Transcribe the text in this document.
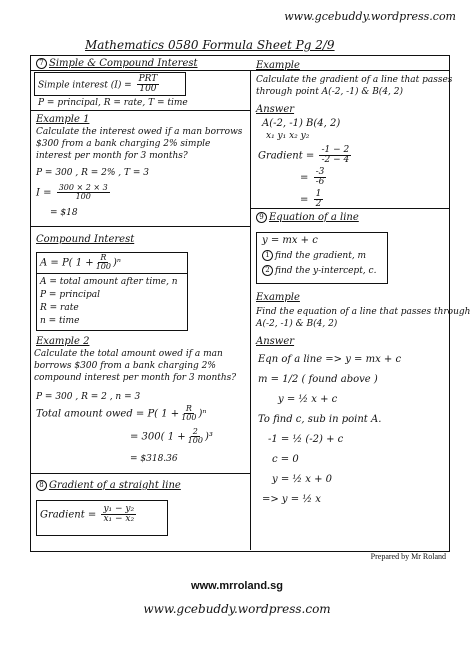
www.gcebuddy.wordpress.com
Mathematics 0580 Formula Sheet Pg 2/9
7 Simple & Compound Interest
Simple interest $(I) = \frac{\text{PRT}}{100}$
P = principal, R = rate, T = time
Example 1
Calculate the interest owed if a man borrows
$300 from a bank charging 2% simple
interest per month for 3 months?
P = 300 , R = 2% , T = 3
$I = \frac{300 \times 2 \times 3}{100}$
= $18
Compound Interest
A = P( $1 + \frac{R}{100} )^n$
A = total amount after time, n
P = principal
R = rate
n = time
Example 2
Calculate the total amount owed if a man
borrows $300 from a bank charging 2%
compound interest per month for 3 months?
P = 300 , R = 2 , n = 3
Total amount owed = P( $1 + \frac{R}{100} )^n$
= 300( $1 + \frac{2}{100} )^3$
= $318.36
8 Gradient of a straight line
Gradient = $\frac{\text{y₁ − y₂}}{\text{x₁ − x₂}}$
Example
Calculate the gradient of a line that passes
through point A(-2, -1) & B(4, 2)
Answer
A(-2, -1) B(4, 2)
x₁ y₁ x₂ y₂
Gradient = $\frac{-1 - 2}{-2 - 4}$
= $\frac{-3}{-6}$
= $\frac{1}{2}$
9 Equation of a line
y = mx + c
1 find the gradient, m
2 find the y-intercept, c.
Example
Find the equation of a line that passes through
A(-2, -1) & B(4, 2)
Answer
Eqn of a line => y = mx + c
m = 1/2 ( found above )
y = ½ x + c
To find c, sub in point A.
-1 = ½ (-2) + c
c = 0
y = ½ x + 0
=> y = ½ x
Prepared by Mr Roland
www.mrroland.sg
www.gcebuddy.wordpress.com
